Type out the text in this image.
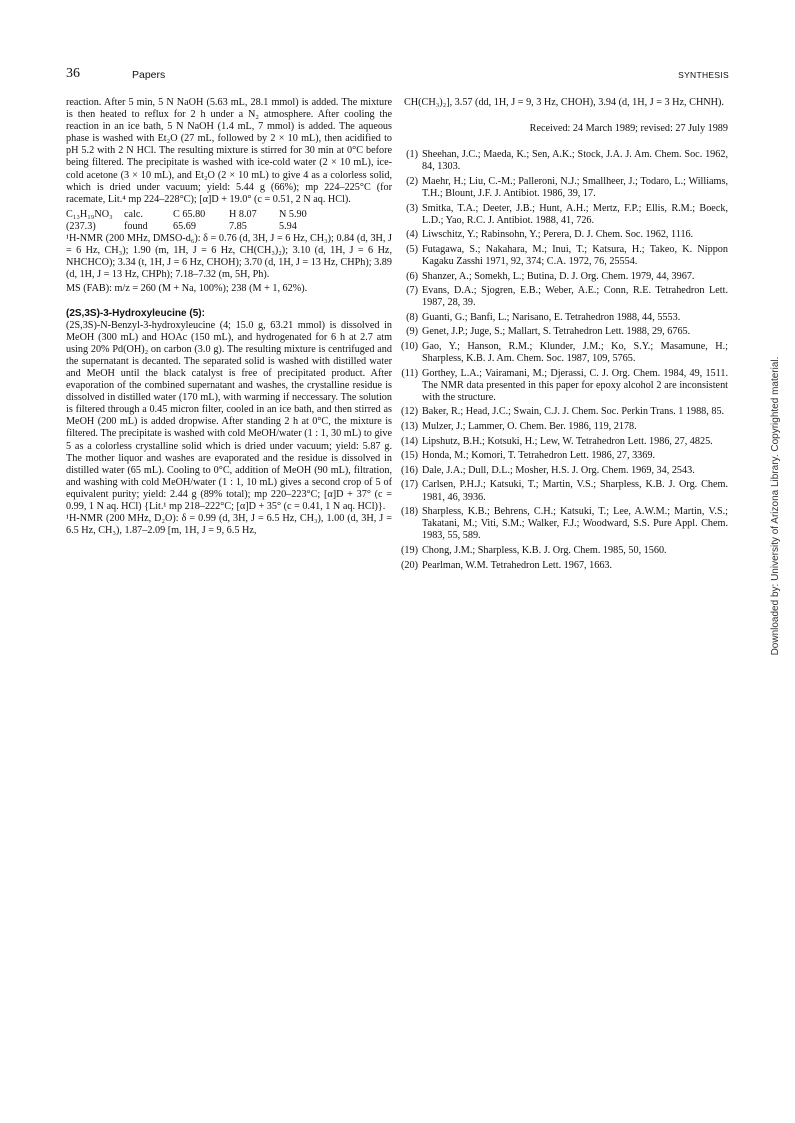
36	Papers	SYNTHESIS

reaction. After 5 min, 5 N NaOH (5.63 mL, 28.1 mmol) is added. The mixture is then heated to reflux for 2 h under a N₂ atmosphere. After cooling the reaction in an ice bath, 5 N NaOH (1.4 mL, 7 mmol) is added. The aqueous phase is washed with Et₂O (27 mL, followed by 2 × 10 mL), then acidified to pH 5.2 with 2 N HCl. The resulting mixture is stirred for 30 min at 0°C before being filtered. The precipitate is washed with ice-cold water (2 × 10 mL), ice-cold acetone (3 × 10 mL), and Et₂O (2 × 10 mL) to give 4 as a colorless solid, which is dried under vacuum; yield: 5.44 g (66%); mp 224–225°C (for racemate, Lit.⁴ mp 224–228°C); [α]D + 19.0° (c = 0.51, 2 N aq. HCl).

C₁₃H₁₉NO₃	calc.	C 65.80	H 8.07	N 5.90
(237.3)	found	65.69	7.85	5.94

¹H-NMR (200 MHz, DMSO-d₆): δ = 0.76 (d, 3H, J = 6 Hz, CH₃); 0.84 (d, 3H, J = 6 Hz, CH₃); 1.90 (m, 1H, J = 6 Hz, CH(CH₃)₂); 3.10 (d, 1H, J = 6 Hz, NHCHCO); 3.34 (t, 1H, J = 6 Hz, CHOH); 3.70 (d, 1H, J = 13 Hz, CHPh); 3.89 (d, 1H, J = 13 Hz, CHPh); 7.18–7.32 (m, 5H, Ph).

MS (FAB): m/z = 260 (M + Na, 100%); 238 (M + 1, 62%).

(2S,3S)-3-Hydroxyleucine (5):

(2S,3S)-N-Benzyl-3-hydroxyleucine (4; 15.0 g, 63.21 mmol) is dissolved in MeOH (300 mL) and HOAc (150 mL), and hydrogenated for 6 h at 2.7 atm using 20% Pd(OH)₂ on carbon (3.0 g). The resulting mixture is centrifuged and the supernatant is decanted. The separated solid is washed with distilled water and MeOH until the black catalyst is free of precipitated product. After evaporation of the combined supernatant and washes, the crystalline residue is dissolved in distilled water (170 mL), with warming if neccessary. The solution is filtered through a 0.45 micron filter, cooled in an ice bath, and then stirred as MeOH (200 mL) is added dropwise. After standing 2 h at 0°C, the mixture is filtered. The precipitate is washed with cold MeOH/water (1 : 1, 30 mL) to give 5 as a colorless crystalline solid which is dried under vacuum; yield: 5.87 g. The mother liquor and washes are evaporated and the residue is dissolved in distilled water (65 mL). Cooling to 0°C, addition of MeOH (90 mL), filtration, and washing with cold MeOH/water (1 : 1, 10 mL) gives a second crop of 5 of equivalent purity; yield: 2.44 g (89% total); mp 220–223°C; [α]D + 37° (c = 0.99, 1 N aq. HCl) {Lit.¹ mp 218–222°C; [α]D + 35° (c = 0.41, 1 N aq. HCl)}.

¹H-NMR (200 MHz, D₂O): δ = 0.99 (d, 3H, J = 6.5 Hz, CH₃), 1.00 (d, 3H, J = 6.5 Hz, CH₃), 1.87–2.09 [m, 1H, J = 9, 6.5 Hz,

CH(CH₃)₂], 3.57 (dd, 1H, J = 9, 3 Hz, CHOH), 3.94 (d, 1H, J = 3 Hz, CHNH).

Received: 24 March 1989; revised: 27 July 1989

(1) Sheehan, J.C.; Maeda, K.; Sen, A.K.; Stock, J.A. J. Am. Chem. Soc. 1962, 84, 1303.
(2) Maehr, H.; Liu, C.-M.; Palleroni, N.J.; Smallheer, J.; Todaro, L.; Williams, T.H.; Blount, J.F. J. Antibiot. 1986, 39, 17.
(3) Smitka, T.A.; Deeter, J.B.; Hunt, A.H.; Mertz, F.P.; Ellis, R.M.; Boeck, L.D.; Yao, R.C. J. Antibiot. 1988, 41, 726.
(4) Liwschitz, Y.; Rabinsohn, Y.; Perera, D. J. Chem. Soc. 1962, 1116.
(5) Futagawa, S.; Nakahara, M.; Inui, T.; Katsura, H.; Takeo, K. Nippon Kagaku Zasshi 1971, 92, 374; C.A. 1972, 76, 25554.
(6) Shanzer, A.; Somekh, L.; Butina, D. J. Org. Chem. 1979, 44, 3967.
(7) Evans, D.A.; Sjogren, E.B.; Weber, A.E.; Conn, R.E. Tetrahedron Lett. 1987, 28, 39.
(8) Guanti, G.; Banfi, L.; Narisano, E. Tetrahedron 1988, 44, 5553.
(9) Genet, J.P.; Juge, S.; Mallart, S. Tetrahedron Lett. 1988, 29, 6765.
(10) Gao, Y.; Hanson, R.M.; Klunder, J.M.; Ko, S.Y.; Masamune, H.; Sharpless, K.B. J. Am. Chem. Soc. 1987, 109, 5765.
(11) Gorthey, L.A.; Vairamani, M.; Djerassi, C. J. Org. Chem. 1984, 49, 1511. The NMR data presented in this paper for epoxy alcohol 2 are inconsistent with the structure.
(12) Baker, R.; Head, J.C.; Swain, C.J. J. Chem. Soc. Perkin Trans. 1 1988, 85.
(13) Mulzer, J.; Lammer, O. Chem. Ber. 1986, 119, 2178.
(14) Lipshutz, B.H.; Kotsuki, H.; Lew, W. Tetrahedron Lett. 1986, 27, 4825.
(15) Honda, M.; Komori, T. Tetrahedron Lett. 1986, 27, 3369.
(16) Dale, J.A.; Dull, D.L.; Mosher, H.S. J. Org. Chem. 1969, 34, 2543.
(17) Carlsen, P.H.J.; Katsuki, T.; Martin, V.S.; Sharpless, K.B. J. Org. Chem. 1981, 46, 3936.
(18) Sharpless, K.B.; Behrens, C.H.; Katsuki, T.; Lee, A.W.M.; Martin, V.S.; Takatani, M.; Viti, S.M.; Walker, F.J.; Woodward, S.S. Pure Appl. Chem. 1983, 55, 589.
(19) Chong, J.M.; Sharpless, K.B. J. Org. Chem. 1985, 50, 1560.
(20) Pearlman, W.M. Tetrahedron Lett. 1967, 1663.	Downloaded by: University of Arizona Library. Copyrighted material.
